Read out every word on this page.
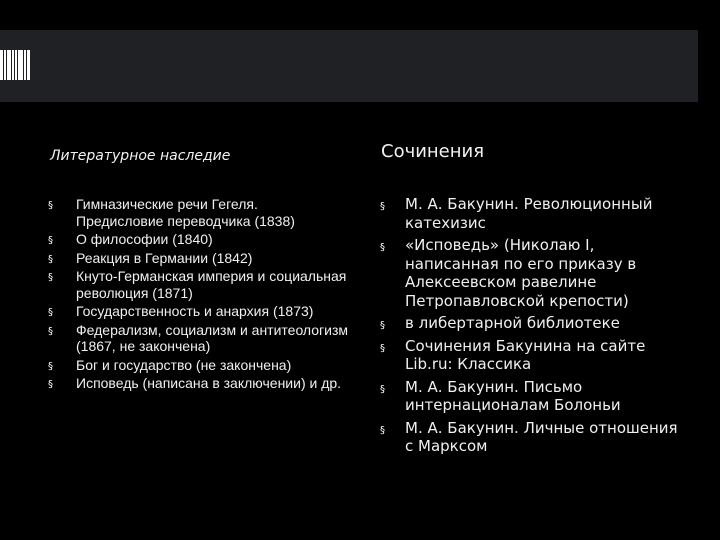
Литературное наследие	Сочинения
§ Гимназические речи Гегеля. Предисловие переводчика (1838)
§ О философии (1840)
§ Реакция в Германии (1842)
§ Кнуто-Германская империя и социальная революция (1871)
§ Государственность и анархия (1873)
§ Федерализм, социализм и антитеологизм (1867, не закончена)
§ Бог и государство (не закончена)
§ Исповедь (написана в заключении) и др.
§ М. А. Бакунин. Революционный катехизис
§ «Исповедь» (Николаю I, написанная по его приказу в Алексеевском равелине Петропавловской крепости)
§ в либертарной библиотеке
§ Сочинения Бакунина на сайте Lib.ru: Классика
§ М. А. Бакунин. Письмо интернационалам Болоньи
§ М. А. Бакунин. Личные отношения с Марксом
